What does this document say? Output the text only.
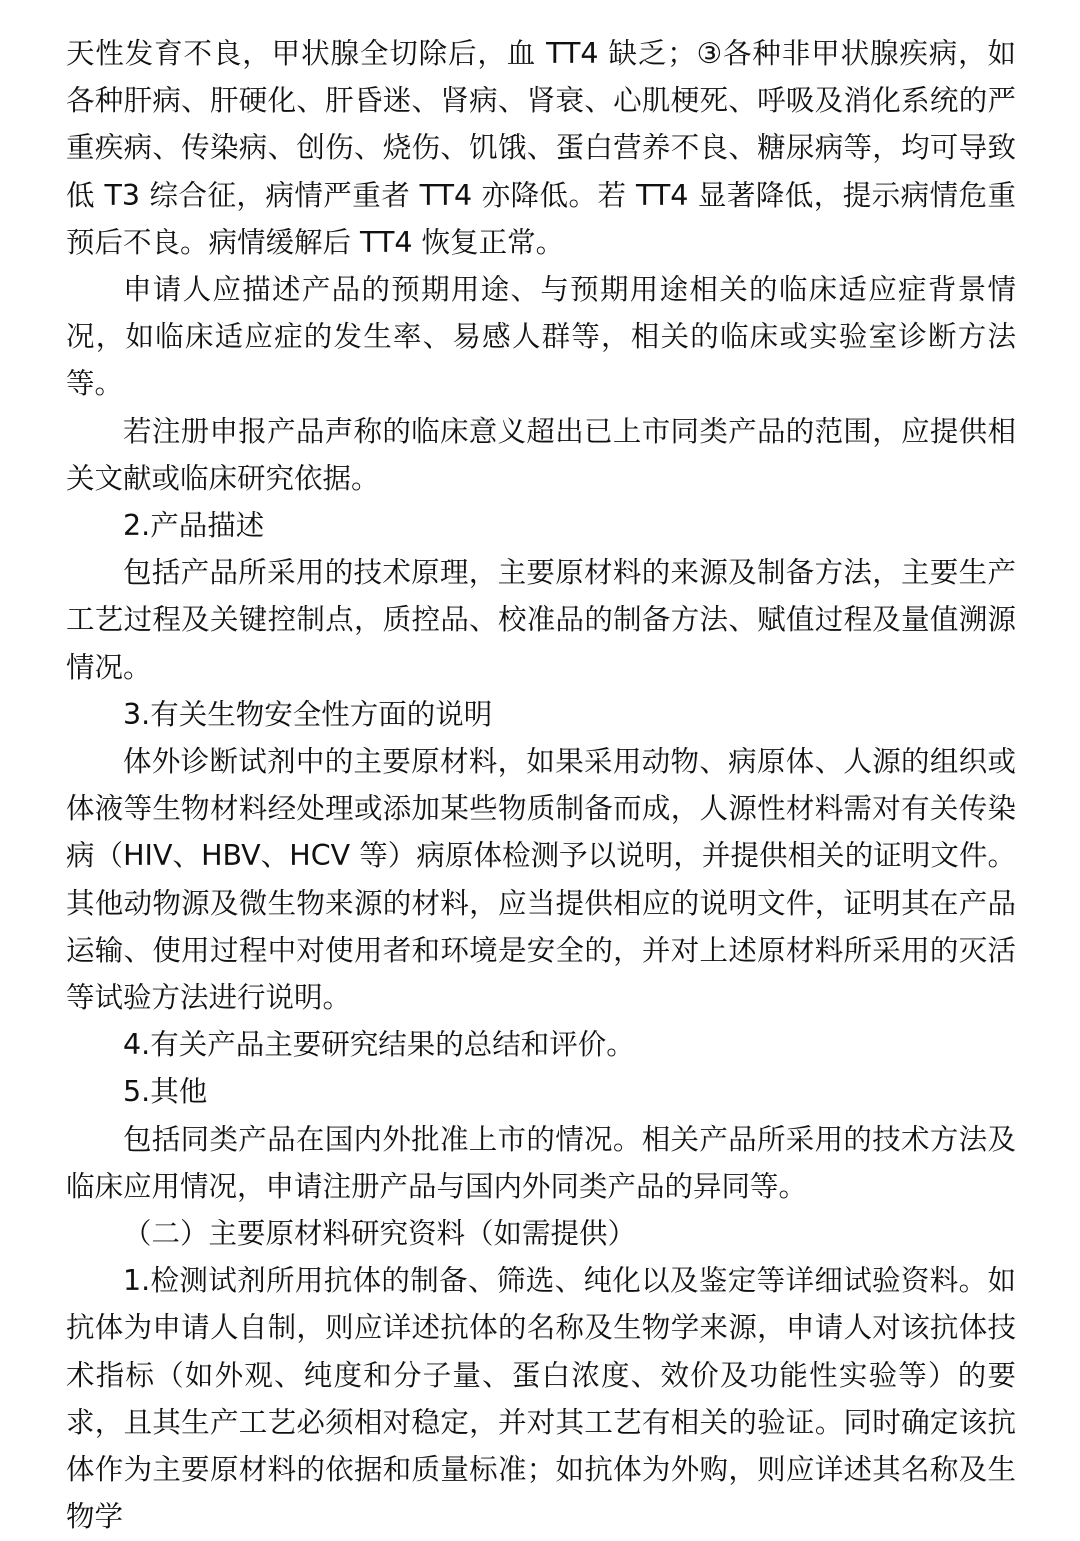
天性发育不良，甲状腺全切除后，血 TT4 缺乏；③各种非甲状腺疾病，如各种肝病、肝硬化、肝昏迷、肾病、肾衰、心肌梗死、呼吸及消化系统的严重疾病、传染病、创伤、烧伤、饥饿、蛋白营养不良、糖尿病等，均可导致低 T3 综合征，病情严重者 TT4 亦降低。若 TT4 显著降低，提示病情危重预后不良。病情缓解后 TT4 恢复正常。

申请人应描述产品的预期用途、与预期用途相关的临床适应症背景情况，如临床适应症的发生率、易感人群等，相关的临床或实验室诊断方法等。

若注册申报产品声称的临床意义超出已上市同类产品的范围，应提供相关文献或临床研究依据。

2.产品描述

包括产品所采用的技术原理，主要原材料的来源及制备方法，主要生产工艺过程及关键控制点，质控品、校准品的制备方法、赋值过程及量值溯源情况。

3.有关生物安全性方面的说明

体外诊断试剂中的主要原材料，如果采用动物、病原体、人源的组织或体液等生物材料经处理或添加某些物质制备而成，人源性材料需对有关传染病（HIV、HBV、HCV 等）病原体检测予以说明，并提供相关的证明文件。其他动物源及微生物来源的材料，应当提供相应的说明文件，证明其在产品运输、使用过程中对使用者和环境是安全的，并对上述原材料所采用的灭活等试验方法进行说明。

4.有关产品主要研究结果的总结和评价。

5.其他

包括同类产品在国内外批准上市的情况。相关产品所采用的技术方法及临床应用情况，申请注册产品与国内外同类产品的异同等。

（二）主要原材料研究资料（如需提供）

1.检测试剂所用抗体的制备、筛选、纯化以及鉴定等详细试验资料。如抗体为申请人自制，则应详述抗体的名称及生物学来源，申请人对该抗体技术指标（如外观、纯度和分子量、蛋白浓度、效价及功能性实验等）的要求，且其生产工艺必须相对稳定，并对其工艺有相关的验证。同时确定该抗体作为主要原材料的依据和质量标准；如抗体为外购，则应详述其名称及生物学
